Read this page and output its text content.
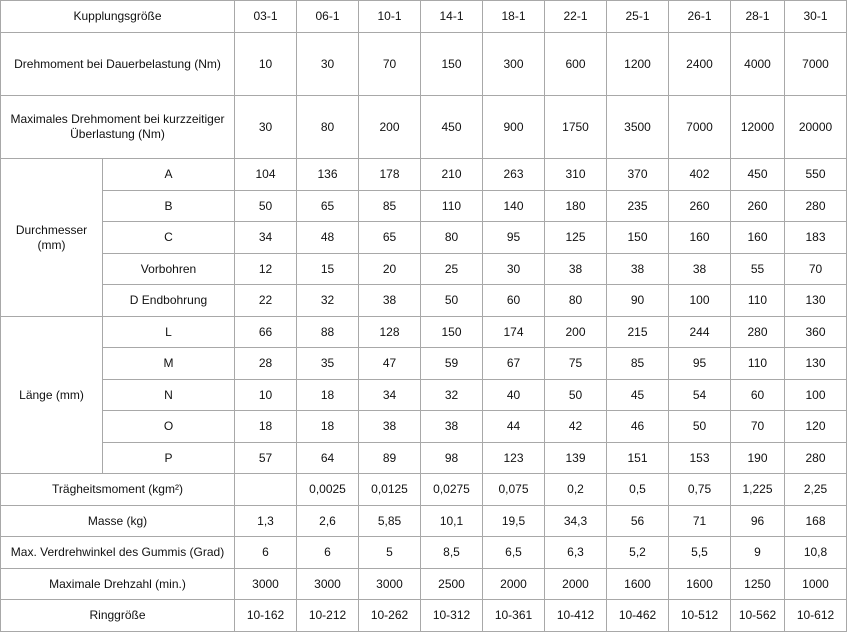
Kupplungsgröße		03-1	06-1	10-1	14-1	18-1	22-1	25-1	26-1	28-1	30-1
Drehmoment bei Dauerbelastung (Nm)		10	30	70	150	300	600	1200	2400	4000	7000
Maximales Drehmoment bei kurzzeitiger
Überlastung (Nm)		30	80	200	450	900	1750	3500	7000	12000	20000
Durchmesser
(mm)	A	104	136	178	210	263	310	370	402	450	550
	B	50	65	85	110	140	180	235	260	260	280
	C	34	48	65	80	95	125	150	160	160	183
	Vorbohren	12	15	20	25	30	38	38	38	55	70
	D Endbohrung	22	32	38	50	60	80	90	100	110	130
Länge (mm)	L	66	88	128	150	174	200	215	244	280	360
	M	28	35	47	59	67	75	85	95	110	130
	N	10	18	34	32	40	50	45	54	60	100
	O	18	18	38	38	44	42	46	50	70	120
	P	57	64	89	98	123	139	151	153	190	280
Trägheitsmoment (kgm²)			0,0025	0,0125	0,0275	0,075	0,2	0,5	0,75	1,225	2,25
Masse (kg)		1,3	2,6	5,85	10,1	19,5	34,3	56	71	96	168
Max. Verdrehwinkel des Gummis (Grad)		6	6	5	8,5	6,5	6,3	5,2	5,5	9	10,8
Maximale Drehzahl (min.)		3000	3000	3000	2500	2000	2000	1600	1600	1250	1000
Ringgröße		10-162	10-212	10-262	10-312	10-361	10-412	10-462	10-512	10-562	10-612
